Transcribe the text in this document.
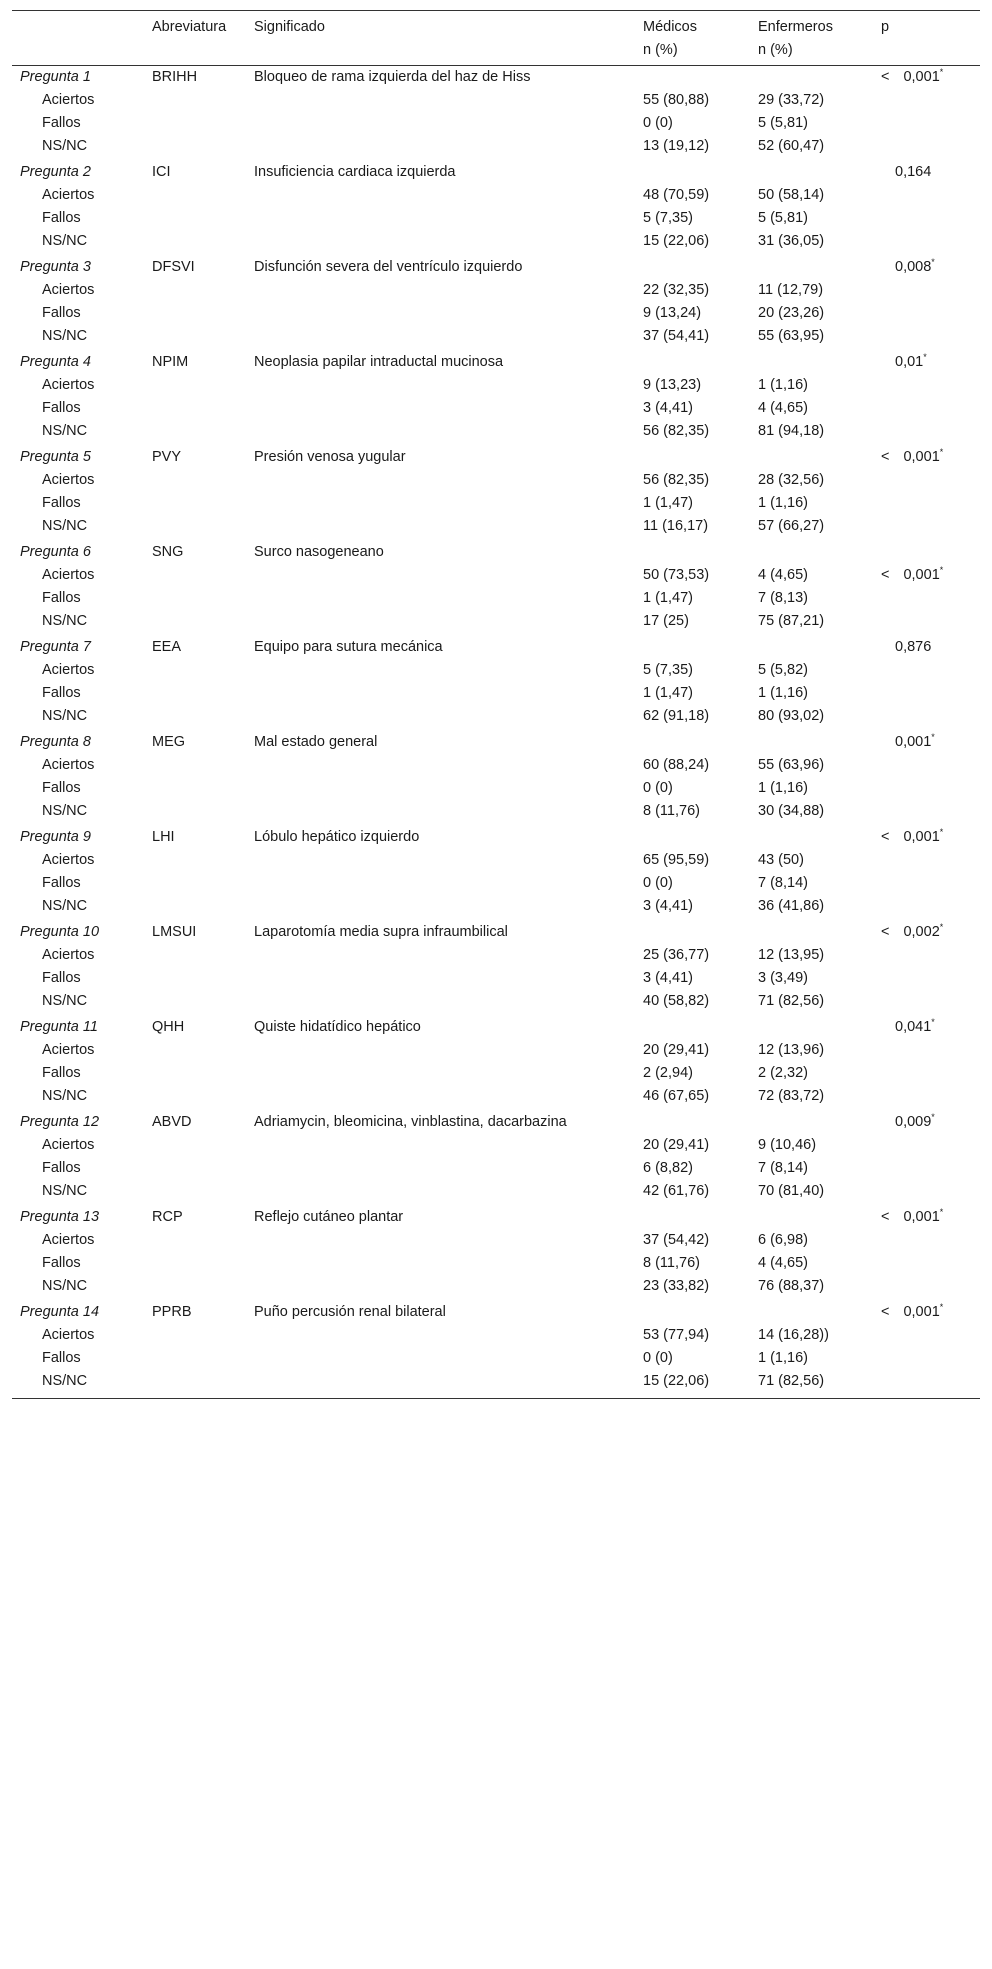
	Abreviatura	Significado	Médicos	Enfermeros	p
			n (%)	n (%)	
Pregunta 1	BRIHH	Bloqueo de rama izquierda del haz de Hiss			< 0,001*
Aciertos			55 (80,88)	29 (33,72)	
Fallos			0 (0)	5 (5,81)	
NS/NC			13 (19,12)	52 (60,47)	
Pregunta 2	ICI	Insuficiencia cardiaca izquierda			0,164
Aciertos			48 (70,59)	50 (58,14)	
Fallos			5 (7,35)	5 (5,81)	
NS/NC			15 (22,06)	31 (36,05)	
Pregunta 3	DFSVI	Disfunción severa del ventrículo izquierdo			0,008*
Aciertos			22 (32,35)	11 (12,79)	
Fallos			9 (13,24)	20 (23,26)	
NS/NC			37 (54,41)	55 (63,95)	
Pregunta 4	NPIM	Neoplasia papilar intraductal mucinosa			0,01*
Aciertos			9 (13,23)	1 (1,16)	
Fallos			3 (4,41)	4 (4,65)	
NS/NC			56 (82,35)	81 (94,18)	
Pregunta 5	PVY	Presión venosa yugular			< 0,001*
Aciertos			56 (82,35)	28 (32,56)	
Fallos			1 (1,47)	1 (1,16)	
NS/NC			11 (16,17)	57 (66,27)	
Pregunta 6	SNG	Surco nasogeneano			
Aciertos			50 (73,53)	4 (4,65)	< 0,001*
Fallos			1 (1,47)	7 (8,13)	
NS/NC			17 (25)	75 (87,21)	
Pregunta 7	EEA	Equipo para sutura mecánica			0,876
Aciertos			5 (7,35)	5 (5,82)	
Fallos			1 (1,47)	1 (1,16)	
NS/NC			62 (91,18)	80 (93,02)	
Pregunta 8	MEG	Mal estado general			0,001*
Aciertos			60 (88,24)	55 (63,96)	
Fallos			0 (0)	1 (1,16)	
NS/NC			8 (11,76)	30 (34,88)	
Pregunta 9	LHI	Lóbulo hepático izquierdo			< 0,001*
Aciertos			65 (95,59)	43 (50)	
Fallos			0 (0)	7 (8,14)	
NS/NC			3 (4,41)	36 (41,86)	
Pregunta 10	LMSUI	Laparotomía media supra infraumbilical			< 0,002*
Aciertos			25 (36,77)	12 (13,95)	
Fallos			3 (4,41)	3 (3,49)	
NS/NC			40 (58,82)	71 (82,56)	
Pregunta 11	QHH	Quiste hidatídico hepático			0,041*
Aciertos			20 (29,41)	12 (13,96)	
Fallos			2 (2,94)	2 (2,32)	
NS/NC			46 (67,65)	72 (83,72)	
Pregunta 12	ABVD	Adriamycin, bleomicina, vinblastina, dacarbazina			0,009*
Aciertos			20 (29,41)	9 (10,46)	
Fallos			6 (8,82)	7 (8,14)	
NS/NC			42 (61,76)	70 (81,40)	
Pregunta 13	RCP	Reflejo cutáneo plantar			< 0,001*
Aciertos			37 (54,42)	6 (6,98)	
Fallos			8 (11,76)	4 (4,65)	
NS/NC			23 (33,82)	76 (88,37)	
Pregunta 14	PPRB	Puño percusión renal bilateral			< 0,001*
Aciertos			53 (77,94)	14 (16,28))	
Fallos			0 (0)	1 (1,16)	
NS/NC			15 (22,06)	71 (82,56)	
